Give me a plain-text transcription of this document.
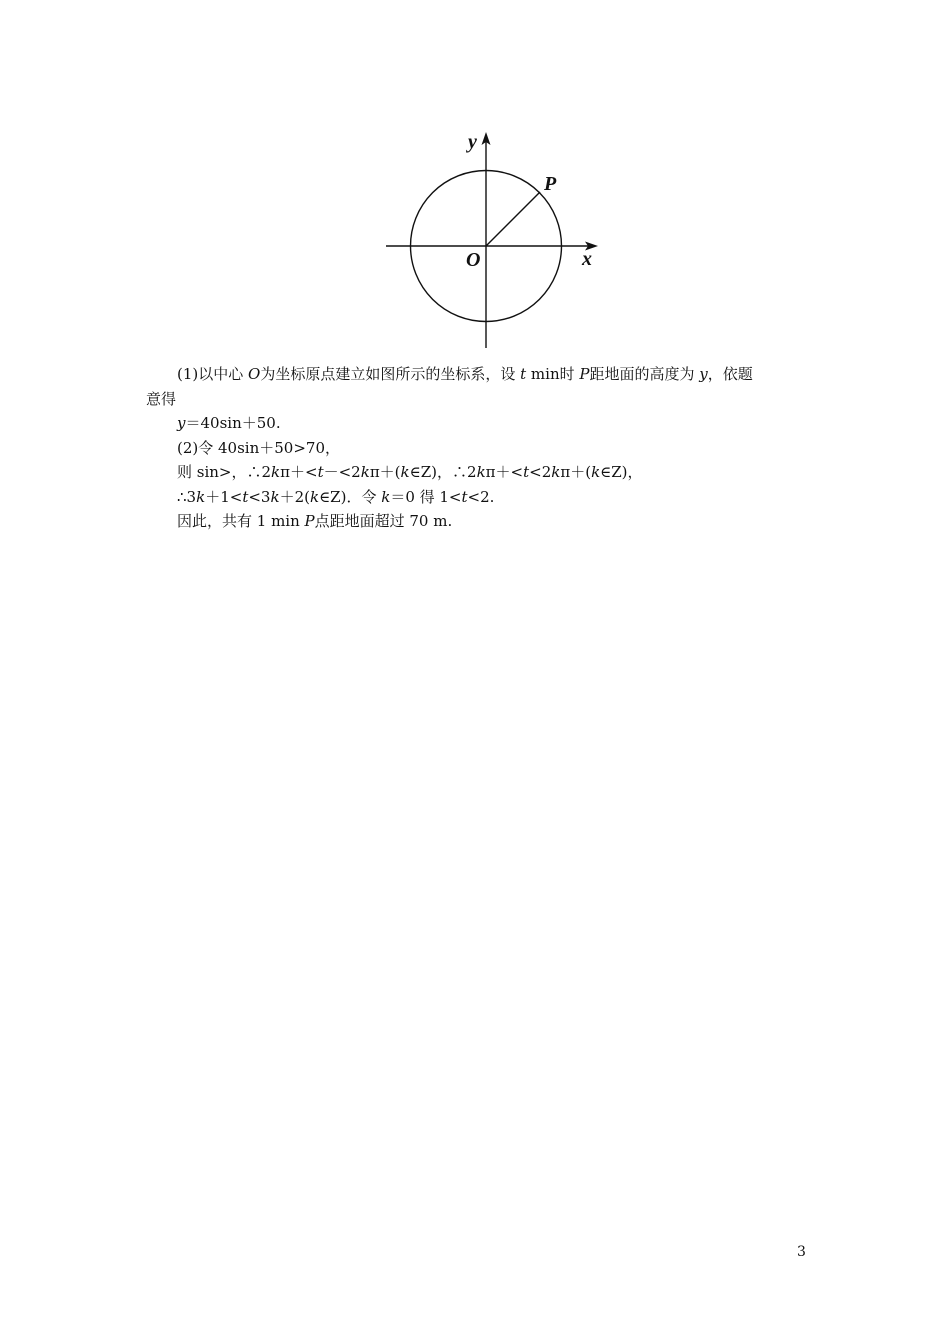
y
x
O
P
(1)以中心 O为坐标原点建立如图所示的坐标系，设 t min时 P距地面的高度为 y，依题
意得
y＝40sin＋50.
(2)令 40sin＋50>70，
则 sin>，∴2kπ＋<t－<2kπ＋(k∈Z)，∴2kπ＋<t<2kπ＋(k∈Z)，
∴3k＋1<t<3k＋2(k∈Z)．令 k＝0 得 1<t<2.
因此，共有 1 min P点距地面超过 70 m.
3
